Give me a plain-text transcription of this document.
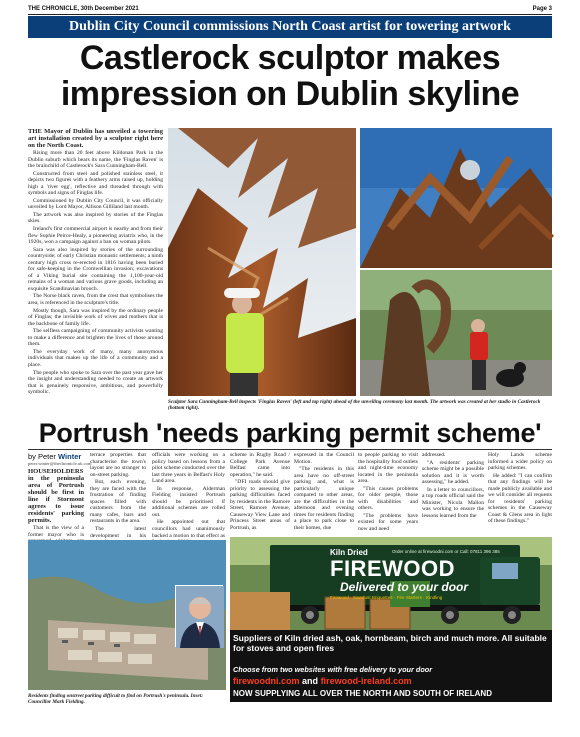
THE CHRONICLE, 30th December 2021	Page 3
Dublin City Council commissions North Coast artist for towering artwork
Castlerock sculptor makes impression on Dublin skyline

THE Mayor of Dublin has unveiled a towering art installation created by a sculptor right here on the North Coast.

Rising more than 20 feet above Kildonan Park in the Dublin suburb which bears its name, the 'Finglas Raven' is the brainchild of Castlerock's Sara Cunningham-Bell.

Constructed from steel and polished stainless steel, it depicts two figures with a feathery arms raised up, holding high a 'river egg', reflective and threaded through with symbols and signs of Finglas life.

Commissioned by Dublin City Council, it was officially unveiled by Lord Mayor, Allison Gilliland last month.

The artwork was also inspired by stories of the Finglas skies.

Ireland's first commercial airport is nearby and from their flew Sophie Peirce-Healy, a pioneering aviatrix who, in the 1920s, won a campaign against a ban on woman pilots.

Sara was also inspired by stories of the surrounding countryside; of early Christian monastic settlements; a ninth century high cross re-erected in 1816 having been buried for safe-keeping in the Cromwellian invasion; excavations of a Viking burial site containing the 1,100-year-old remains of a woman and various grave goods, including an exquisite Scandinavian brooch.

The Norse black raven, from the crest that symbolises the area, is referenced in the sculpture's title.

Mostly though, Sara was inspired by the ordinary people of Finglas; the invisible work of wives and mothers that is the backbone of family life.

The selfless campaigning of community activists wanting to make a difference and brighten the lives of those around them.

The everyday work of many, many anonymous individuals that makes up the life of a community and a place.

The people who spoke to Sara over the past year gave her the insight and understanding needed to create an artwork that is genuinely responsive, ambitious, and powerfully symbolic.

Sculptor Sara Cunningham-Bell inspects 'Finglas Raven' (left and top right) ahead of the unveiling ceremony last month. The artwork was created at her studio in Castlerock (bottom right).
Portrush 'needs parking permit scheme'
by Peter Winter
peter.winter@thechronicle.uk.com

HOUSEHOLDERS in the peninsula area of Portrush should be first in line if Stormont agrees to issue residents' parking permits.

That is the view of a former mayor who is

terrace properties that characterise the town's layout are no stranger to on-street parking.

But, each evening, they are faced with the frustration of finding spaces filled with customers from the many cafes, bars and restaurants in the area.

The latest development in his

officials were working on a policy based on lessons from a pilot scheme conducted over the last three years in Belfast's Holy Land area.

In response, Alderman Fielding insisted Portrush should be prioritised if additional schemes are rolled out.

He appointed out that councillors had unanimously backed a motion to that effect as

scheme in Rugby Road / College Park Avenue Belfast came into operation," he said.

"DFI roads should give priority to assessing the parking difficulties faced by residents in the Ramore Street, Ramore Avenue, Causeway View Lane and Princess Street areas of Portrush, as

expressed in the Council Motion.

"The residents in this area have no off-street parking and, what is particularly unique compared to other areas, are the difficulties in the afternoon and evening times for residents finding a place to park close to their homes, due

to people parking to visit the hospitality food outlets and night-time economy located in the peninsula area.

"This causes problems for older people, those with disabilities and others.

"The problems have existed for some years now and need

addressed.

"A residents' parking scheme might be a possible solution and it is worth assessing," he added.

In a letter to councillors, a top roads official said the Minister, Nicola Mallon was working to ensure the lessons learned from the

Holy Lands scheme informed a wider policy on parking schemes.

He added: "I can confirm that any findings will be made publicly available and we will consider all requests for residents' parking schemes in the Causeway Coast & Glens area in light of these findings."

Residents finding onstreet parking difficult to find on Portrush's peninsula. Inset: Councillor Mark Fielding.
Kiln Dried	Order online at firewoodni.com or Call: 07811 396 385
FIREWOOD
Delivered to your door
Firewood · Sawdust Briquettes · Fire Starters · Kindling
Suppliers of Kiln dried ash, oak, hornbeam, birch and much more. All suitable for stoves and open fires
Choose from two websites with free delivery to your door
firewoodni.com and firewood-ireland.com
NOW SUPPLYING ALL OVER THE NORTH AND SOUTH OF IRELAND
